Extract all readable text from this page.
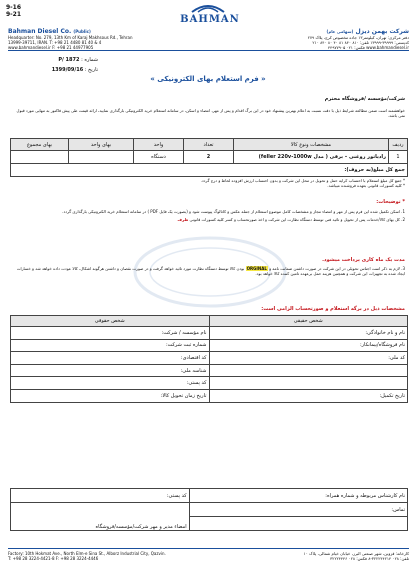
9-16
9-21	BAHMAN
شرکت بهمن دیزل (سهامی عام)
دفتر مرکزی: تهران، کیلومتر۱۳ جاده مخصوص کرج، پلاک ۲۷۹
کدپستی: ۳۹۹۹۹-۱۳۹۹۹ تلفن: ۸۱۰ ۸۴۰ ۸۱ ۴۰ ۸۰ ۸۴۰ ۲۱۰
www.bahmandiesel.ir فکس: ۰۲۱ ۴۴۹۷۷۹۰۵
Bahman Diesel Co. (Public)
Headquarter: No. 279, 13th Km of Karaj Makhsous Rd., Tehran
13999-39711, IRAN. T: +98 21 4480 81 40 & 4
www.bahmandiesel.ir F: +98 21 44977905
شماره : P/ 1872
تاریخ : 1399/09/16
« فرم استعلام بهای الکترونیکی »
شرکت/مؤسسه /فروشگاه محترم
خواهشمند است ضمن مطالعه شرایط ذیل با دقت نسبت به اعلام بهترین پیشنهاد خود در این برگ اقدام و پس از مهر، امضاء و اسکن، در سامانه استعلام خرید الکترونیکی بارگذاری نمایید، ارائه قیمت طی پیش فاکتور به تنهایی مورد قبول نمی باشد.
ردیف	مشخصات ونوع کالا	تعداد	واحد	بهای واحد	بهای مجموع
1	رادیاتور روغنی – برقی ( مدل feller 220v-1000w)	2	دستگاه		
جمع کل مبلغ(به حروف):					
* جمع کل مبلغ استعلام با احتساب کرایه حمل و تحویل در محل این شرکت و بدون احتساب ارزش افزوده لحاظ و درج گردد.
* کلیه کسورات قانونی بعهده فروشنده میباشد.
* توضیحات:
1. اسکن تکمیل شده این فرم پس از مهر و امضاء مجاز و مشخصات کامل موضوع استعلام از جمله عکس و کاتالوگ پیوست شود و (بصورت یک فایل PDF ) در سامانه استعلام خرید الکترونیکی بارگذاری گردد.
2. کل بهای کالا/خدمات پس از تحویل و تائید فنی توسط دستگاه نظارت این شرکت و اخذ صورتحساب و کسر کلیه کسورات قانونی ظرف
مدت یک ماه کاری پرداخت میشود.
3. لازم به ذکر است اجناس تحویلی در این شرکت در صورت داشتن ضمانت نامه و ORGINAL بودن کالا توسط دستگاه نظارت مورد تائید خواهد گرفت و در صورت نقصان و داشتن هرگونه اشکال، کالا عودت داده خواهد شد و خسارات ایجاد شده به تجهیزات این شرکت و همچنین هزینه حمل برعهده تامین کننده کالا خواهد بود.
مشخصات ذیل در برگه استعلام و صورتحساب الزامی است:
شخص حقیقی	شخص حقوقی
نام و نام خانوادگی:	نام مؤسسه / شرکت:
نام فروشگاه/پیمانکار:	شماره ثبت شرکت:
کد ملی:	کد اقتصادی:
	شناسه ملی:
	کد پستی:
تاریخ تکمیل:	تاریخ زمان تحویل کالا:
نام کارشناس مربوطه و شماره همراه:	کد پستی:
تماس:	امضاء مدیر و مهر شرکت/مؤسسه/فروشگاه

Factory: 10th Hokmat Ave., North Elm-e Sina St., Alborz Industrial City, Qazvin.
T: +98 28 3224-4421-8 F: +98 28 3224-4446
کارخانه: قزوین، شهر صنعتی البرز، خیابان خیام شمالی، پلاک ۱۰
تلفن: ۰۲۸ ۳۲۲۲۴۴۲۱۴-۸ فکس: ۰۲۸ ۳۲۲۲۴۴۴۶
